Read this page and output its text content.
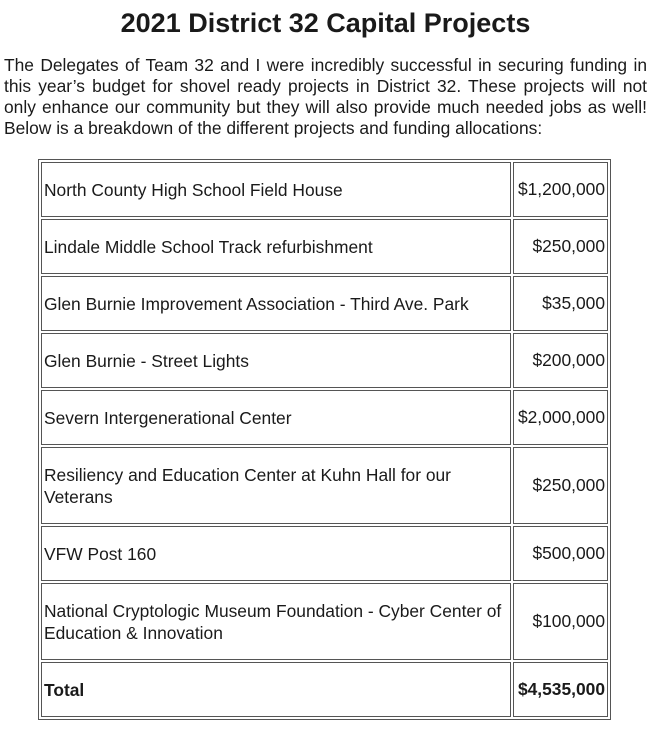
2021 District 32 Capital Projects

The Delegates of Team 32 and I were incredibly successful in securing funding in this year’s budget for shovel ready projects in District 32. These projects will not only enhance our community but they will also provide much needed jobs as well! Below is a breakdown of the different projects and funding allocations:

North County High School Field House	$1,200,000
Lindale Middle School Track refurbishment	$250,000
Glen Burnie Improvement Association - Third Ave. Park	$35,000
Glen Burnie - Street Lights	$200,000
Severn Intergenerational Center	$2,000,000
Resiliency and Education Center at Kuhn Hall for our Veterans	$250,000
VFW Post 160	$500,000
National Cryptologic Museum Foundation - Cyber Center of Education & Innovation	$100,000
Total	$4,535,000
